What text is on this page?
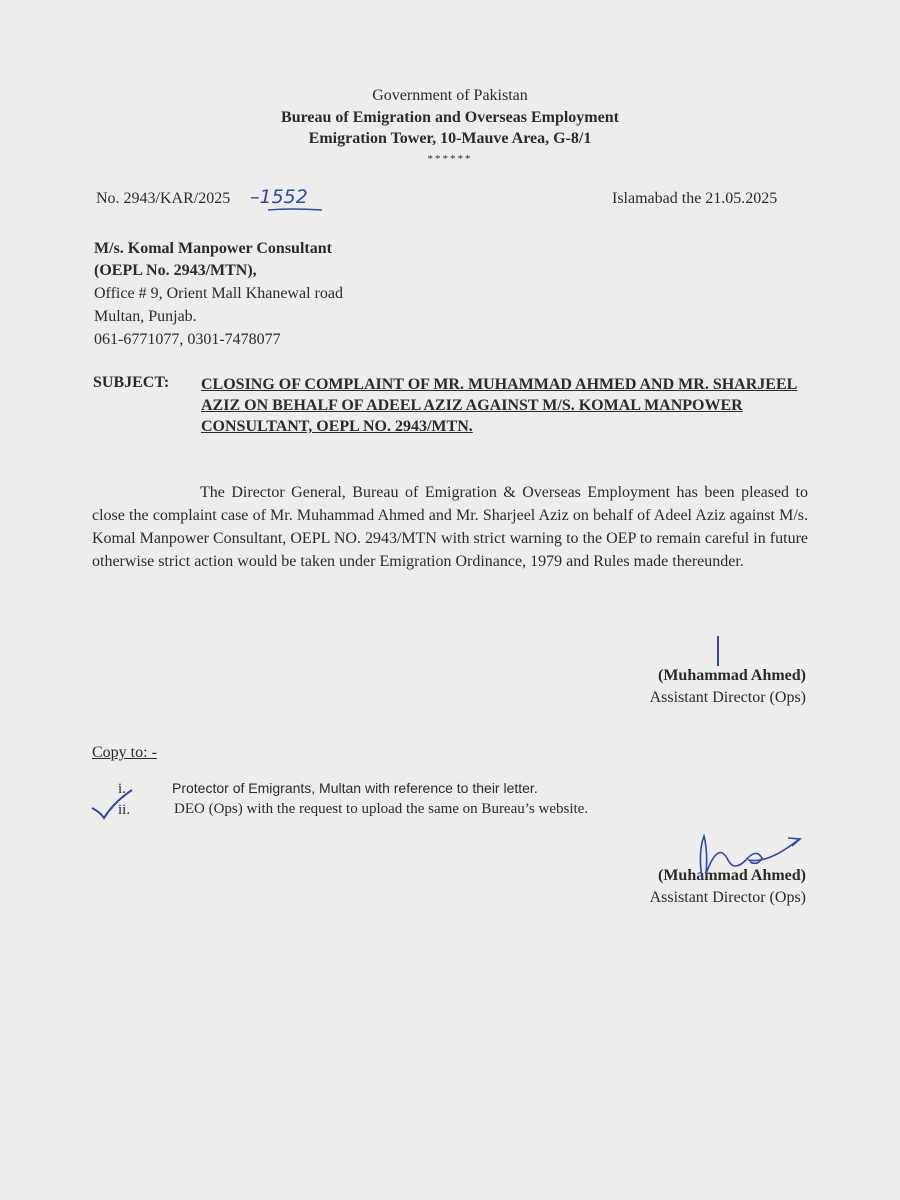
Government of Pakistan
Bureau of Emigration and Overseas Employment
Emigration Tower, 10-Mauve Area, G-8/1
******
No. 2943/KAR/2025 –1552	Islamabad the 21.05.2025
M/s. Komal Manpower Consultant
(OEPL No. 2943/MTN),
Office # 9, Orient Mall Khanewal road
Multan, Punjab.
061-6771077, 0301-7478077
SUBJECT: CLOSING OF COMPLAINT OF MR. MUHAMMAD AHMED AND MR. SHARJEEL AZIZ ON BEHALF OF ADEEL AZIZ AGAINST M/S. KOMAL MANPOWER CONSULTANT, OEPL NO. 2943/MTN.
The Director General, Bureau of Emigration & Overseas Employment has been pleased to close the complaint case of Mr. Muhammad Ahmed and Mr. Sharjeel Aziz on behalf of Adeel Aziz against M/s. Komal Manpower Consultant, OEPL NO. 2943/MTN with strict warning to the OEP to remain careful in future otherwise strict action would be taken under Emigration Ordinance, 1979 and Rules made thereunder.
(Muhammad Ahmed)
Assistant Director (Ops)
Copy to: -
i.	Protector of Emigrants, Multan with reference to their letter.
ii.	DEO (Ops) with the request to upload the same on Bureau’s website.
(Muhammad Ahmed)
Assistant Director (Ops)
